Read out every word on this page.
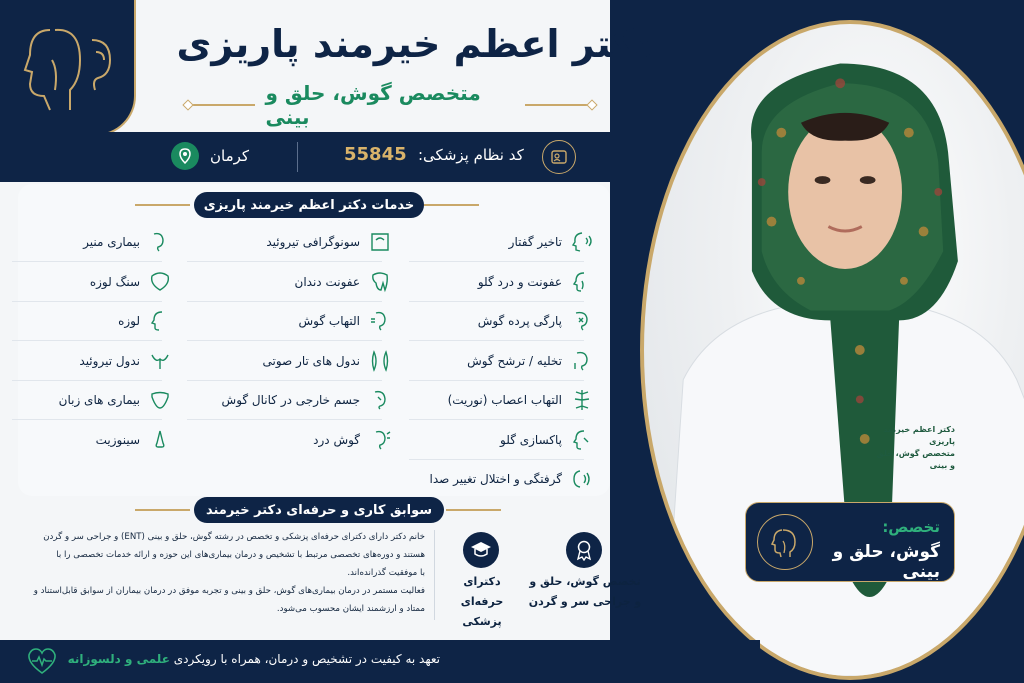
دکتر اعظم خیرمند پاریزی
متخصص گوش، حلق و بینی
دکتر اعظم خیرمند پاریزی
متخصص گوش، حلق و بینی
کرمان	55845 کد نظام پزشکی:
خدمات دکتر اعظم خیرمند پاریزی
بیماری منیر
سنگ لوزه
لوزه
ندول تیروئید
بیماری های زبان
سینوزیت
سونوگرافی تیروئید
عفونت دندان
التهاب گوش
ندول های تار صوتی
جسم خارجی در کانال گوش
گوش درد
تاخیر گفتار
عفونت و درد گلو
پارگی پرده گوش
تخلیه / ترشح گوش
التهاب اعصاب (نوریت)
پاکسازی گلو
گرفتگی و اختلال تغییر صدا
سوابق کاری و حرفه‌ای دکتر خیرمند
خانم دکتر دارای دکترای حرفه‌ای پزشکی و تخصص در رشته گوش، حلق و بینی (ENT) و جراحی سر و گردن
هستند و دوره‌های تخصصی مرتبط با تشخیص و درمان بیماری‌های این حوزه و ارائه خدمات تخصصی را با
با موفقیت گذرانده‌اند.
فعالیت مستمر در درمان بیماری‌های گوش، حلق و بینی و تجربه موفق در درمان بیماران از سوابق قابل‌استناد و
ممتاد و ارزشمند ایشان محسوب می‌شود.
دکترای حرفه‌ای
پزشکی
تخصص گوش، حلق و
و جراحی سر و گردن
تخصص:
گوش، حلق و بینی
تعهد به کیفیت در تشخیص و درمان، همراه با رویکردی علمی و دلسوزانه
